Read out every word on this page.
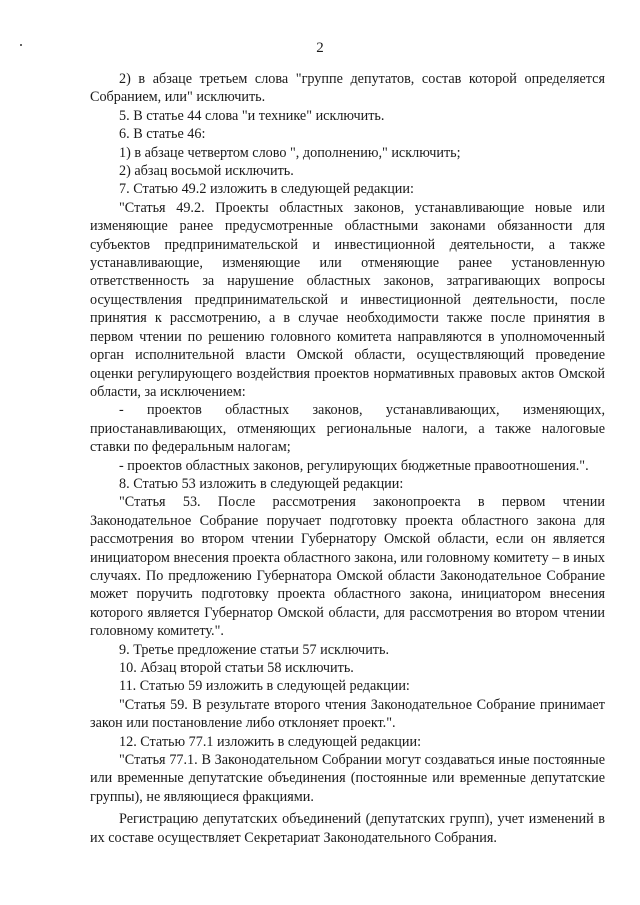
2

2) в абзаце третьем слова "группе депутатов, состав которой определяется Собранием, или" исключить.

5. В статье 44 слова "и технике" исключить.

6. В статье 46:

1) в абзаце четвертом слово ", дополнению," исключить;

2) абзац восьмой исключить.

7. Статью 49.2 изложить в следующей редакции:

"Статья 49.2. Проекты областных законов, устанавливающие новые или изменяющие ранее предусмотренные областными законами обязанности для субъектов предпринимательской и инвестиционной деятельности, а также устанавливающие, изменяющие или отменяющие ранее установленную ответственность за нарушение областных законов, затрагивающих вопросы осуществления предпринимательской и инвестиционной деятельности, после принятия к рассмотрению, а в случае необходимости также после принятия в первом чтении по решению головного комитета направляются в уполномоченный орган исполнительной власти Омской области, осуществляющий проведение оценки регулирующего воздействия проектов нормативных правовых актов Омской области, за исключением:

- проектов областных законов, устанавливающих, изменяющих, приостанавливающих, отменяющих региональные налоги, а также налоговые ставки по федеральным налогам;

- проектов областных законов, регулирующих бюджетные правоотношения.".

8. Статью 53 изложить в следующей редакции:

"Статья 53. После рассмотрения законопроекта в первом чтении Законодательное Собрание поручает подготовку проекта областного закона для рассмотрения во втором чтении Губернатору Омской области, если он является инициатором внесения проекта областного закона, или головному комитету – в иных случаях. По предложению Губернатора Омской области Законодательное Собрание может поручить подготовку проекта областного закона, инициатором внесения которого является Губернатор Омской области, для рассмотрения во втором чтении головному комитету.".

9. Третье предложение статьи 57 исключить.

10. Абзац второй статьи 58 исключить.

11. Статью 59 изложить в следующей редакции:

"Статья 59. В результате второго чтения Законодательное Собрание принимает закон или постановление либо отклоняет проект.".

12. Статью 77.1 изложить в следующей редакции:

"Статья 77.1. В Законодательном Собрании могут создаваться иные постоянные или временные депутатские объединения (постоянные или временные депутатские группы), не являющиеся фракциями.

Регистрацию депутатских объединений (депутатских групп), учет изменений в их составе осуществляет Секретариат Законодательного Собрания.
